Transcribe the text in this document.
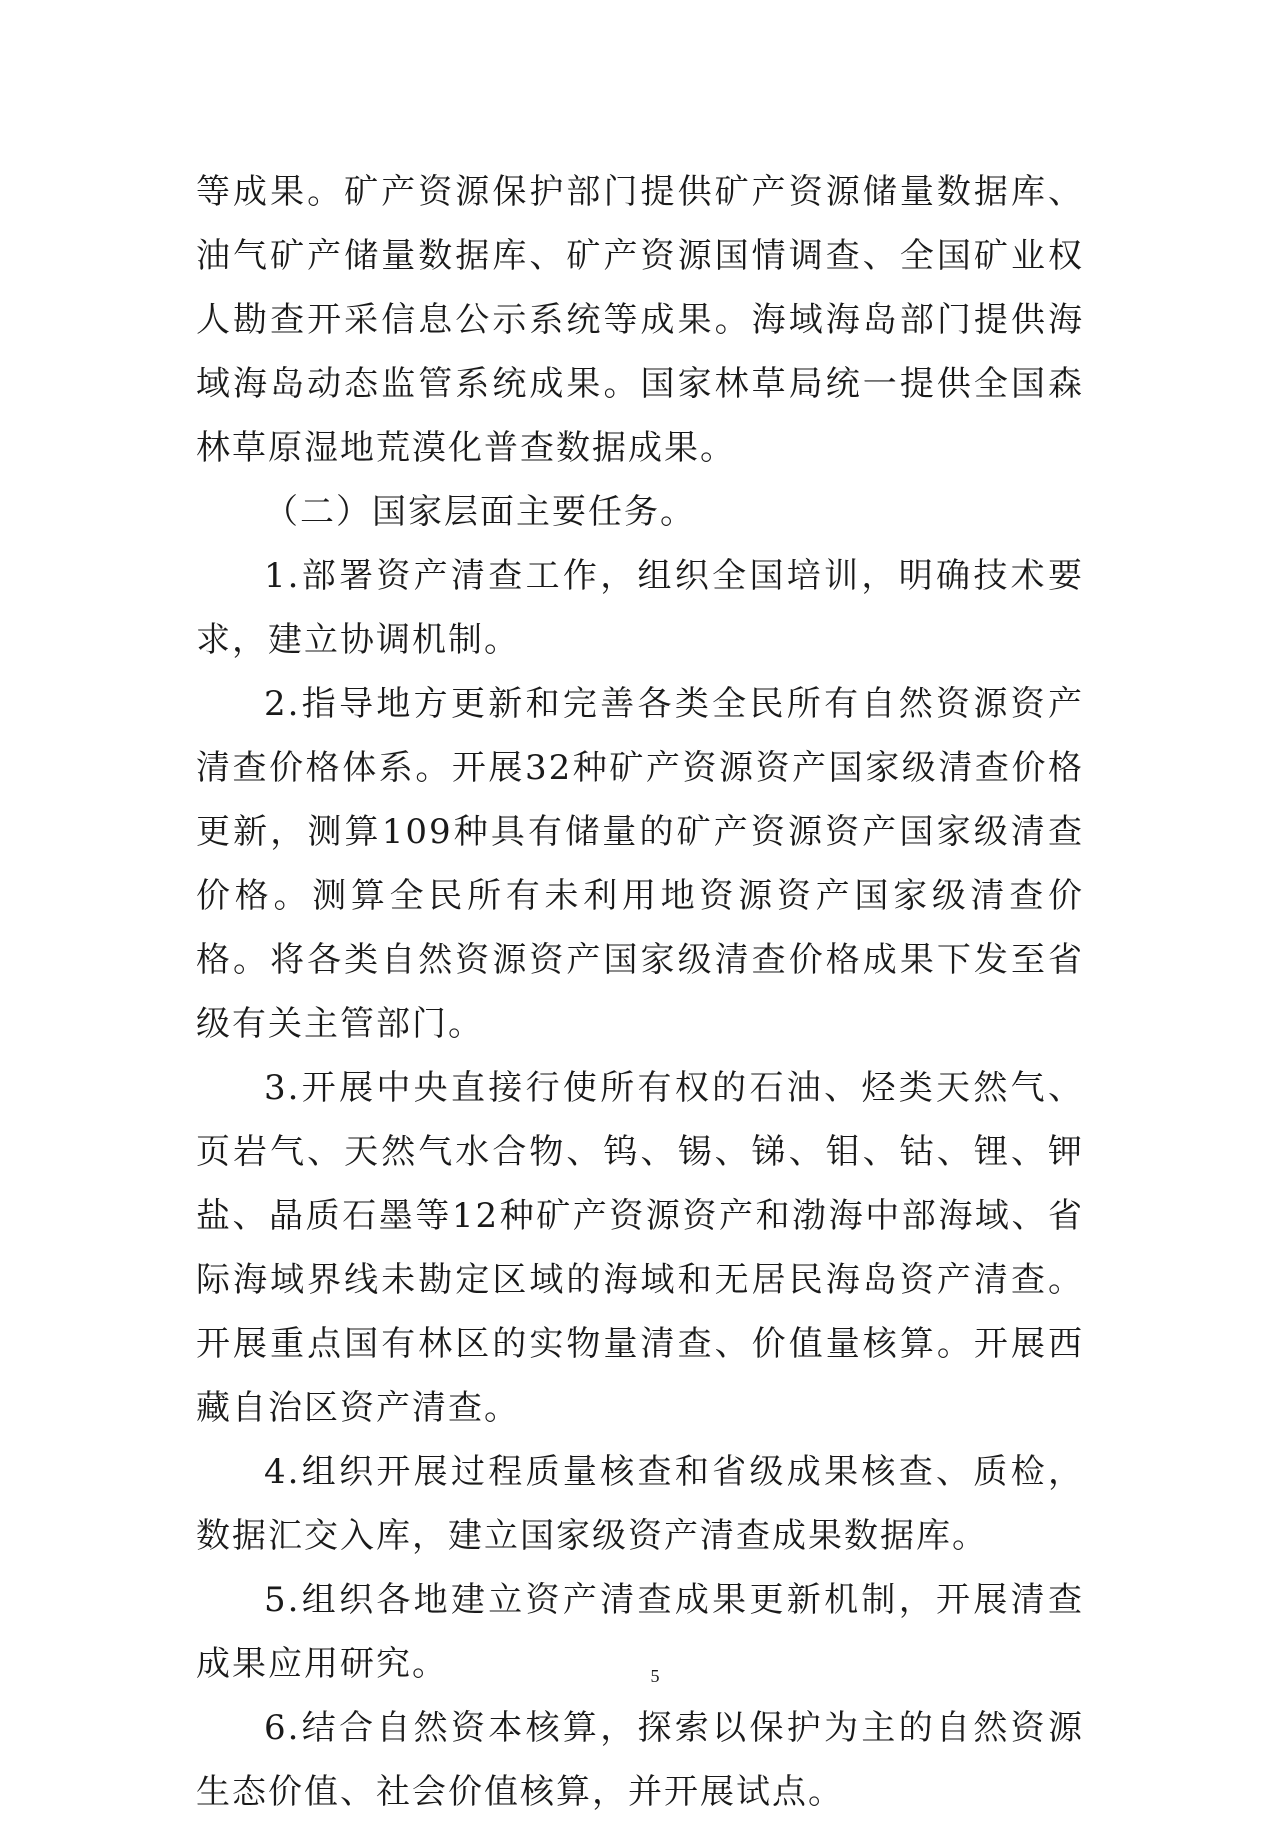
等成果。矿产资源保护部门提供矿产资源储量数据库、油气矿产储量数据库、矿产资源国情调查、全国矿业权人勘查开采信息公示系统等成果。海域海岛部门提供海域海岛动态监管系统成果。国家林草局统一提供全国森林草原湿地荒漠化普查数据成果。

（二）国家层面主要任务。

1.部署资产清查工作，组织全国培训，明确技术要求，建立协调机制。

2.指导地方更新和完善各类全民所有自然资源资产清查价格体系。开展32种矿产资源资产国家级清查价格更新，测算109种具有储量的矿产资源资产国家级清查价格。测算全民所有未利用地资源资产国家级清查价格。将各类自然资源资产国家级清查价格成果下发至省级有关主管部门。

3.开展中央直接行使所有权的石油、烃类天然气、页岩气、天然气水合物、钨、锡、锑、钼、钴、锂、钾盐、晶质石墨等12种矿产资源资产和渤海中部海域、省际海域界线未勘定区域的海域和无居民海岛资产清查。开展重点国有林区的实物量清查、价值量核算。开展西藏自治区资产清查。

4.组织开展过程质量核查和省级成果核查、质检，数据汇交入库，建立国家级资产清查成果数据库。

5.组织各地建立资产清查成果更新机制，开展清查成果应用研究。

6.结合自然资本核算，探索以保护为主的自然资源生态价值、社会价值核算，并开展试点。

5
